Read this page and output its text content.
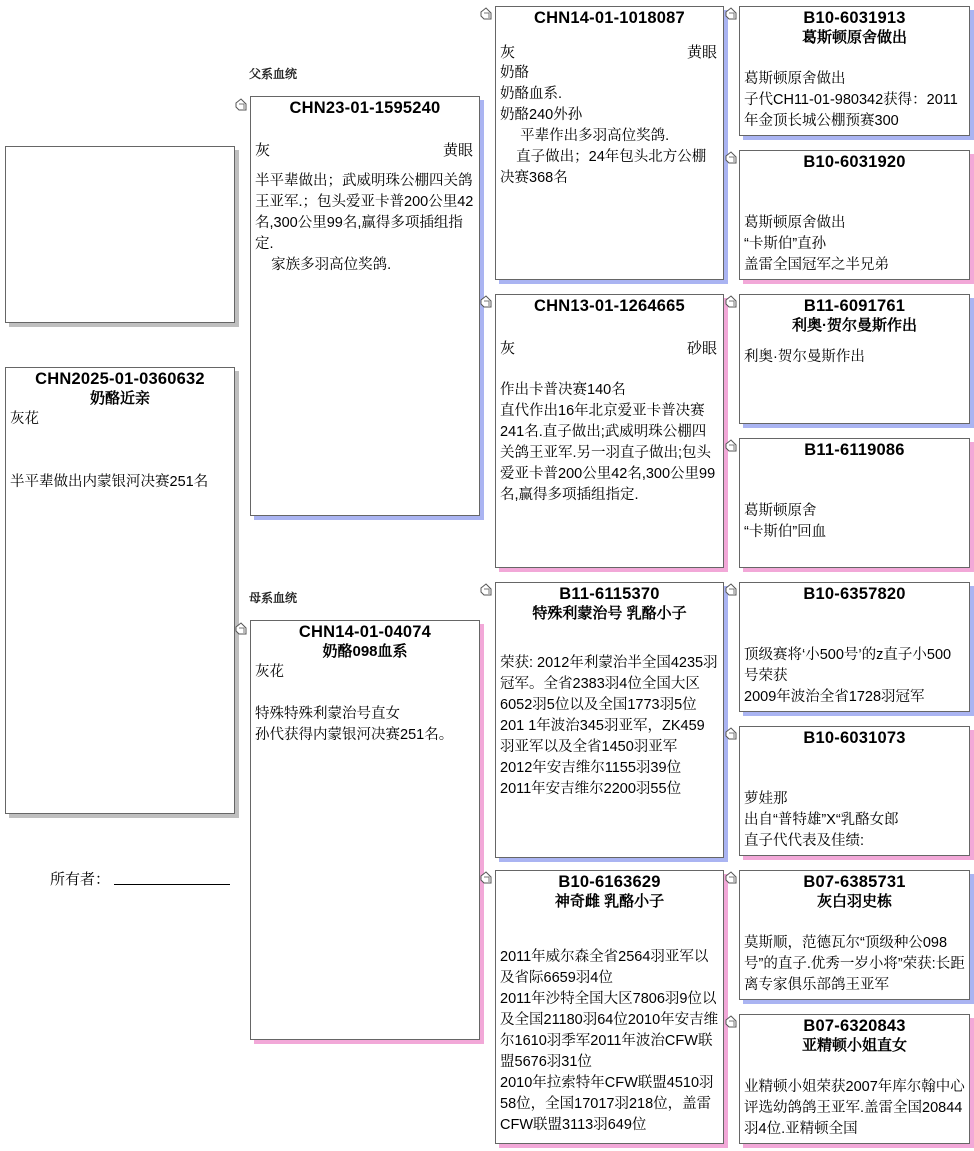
父系血统
母系血统
CHN2025-01-0360632
奶酪近亲
灰花

半平辈做出内蒙银河决赛251名
所有者：
CHN23-01-1595240
灰	黄眼
半平辈做出；武威明珠公棚四关鸽王亚军.；包头爱亚卡普200公里42名,300公里99名,赢得多项插组指定.
家族多羽高位奖鸽.
CHN14-01-04074
奶酪098血系
灰花

特殊特殊利蒙治号直女
孙代获得内蒙银河决赛251名。
CHN14-01-1018087
灰	黄眼
奶酪
奶酪血系.
奶酪240外孙
平辈作出多羽高位奖鸽.
直子做出；24年包头北方公棚决赛368名
CHN13-01-1264665
灰	砂眼

作出卡普决赛140名
直代作出16年北京爱亚卡普决赛241名.直子做出;武威明珠公棚四关鸽王亚军.另一羽直子做出;包头爱亚卡普200公里42名,300公里99名,赢得多项插组指定.
B11-6115370
特殊利蒙治号 乳酪小子

荣获: 2012年利蒙治半全国4235羽冠军。全省2383羽4位全国大区6052羽5位以及全国1773羽5位
201 1年波治345羽亚军，ZK459羽亚军以及全省1450羽亚军
2012年安吉维尔1155羽39位
2011年安吉维尔2200羽55位
B10-6163629
神奇雌 乳酪小子

2011年威尔森全省2564羽亚军以及省际6659羽4位
2011年沙特全国大区7806羽9位以及全国21180羽64位2010年安吉维尔1610羽季军2011年波治CFW联盟5676羽31位
2010年拉索特年CFW联盟4510羽58位，全国17017羽218位，盖雷CFW联盟3113羽649位
B10-6031913
葛斯顿原舍做出

葛斯顿原舍做出
子代CH11-01-980342获得：2011年金顶长城公棚预赛300
B10-6031920

葛斯顿原舍做出
“卡斯伯”直孙
盖雷全国冠军之半兄弟
B11-6091761
利奥·贺尔曼斯作出

利奥·贺尔曼斯作出
B11-6119086

葛斯顿原舍
“卡斯伯”回血
B10-6357820

顶级赛将‘小500号’的z直子小500号荣获
2009年波治全省1728羽冠军
B10-6031073

萝娃那
出自“普特雄”X“乳酪女郎
直子代代表及佳绩:
B07-6385731
灰白羽史栋

莫斯顺，范德瓦尔“顶级种公098号”的直子.优秀一岁小将”荣获:长距离专家俱乐部鸽王亚军
B07-6320843
亚精顿小姐直女

业精顿小姐荣获2007年库尔翰中心评选幼鸽鸽王亚军.盖雷全国20844羽4位.亚精顿全国
